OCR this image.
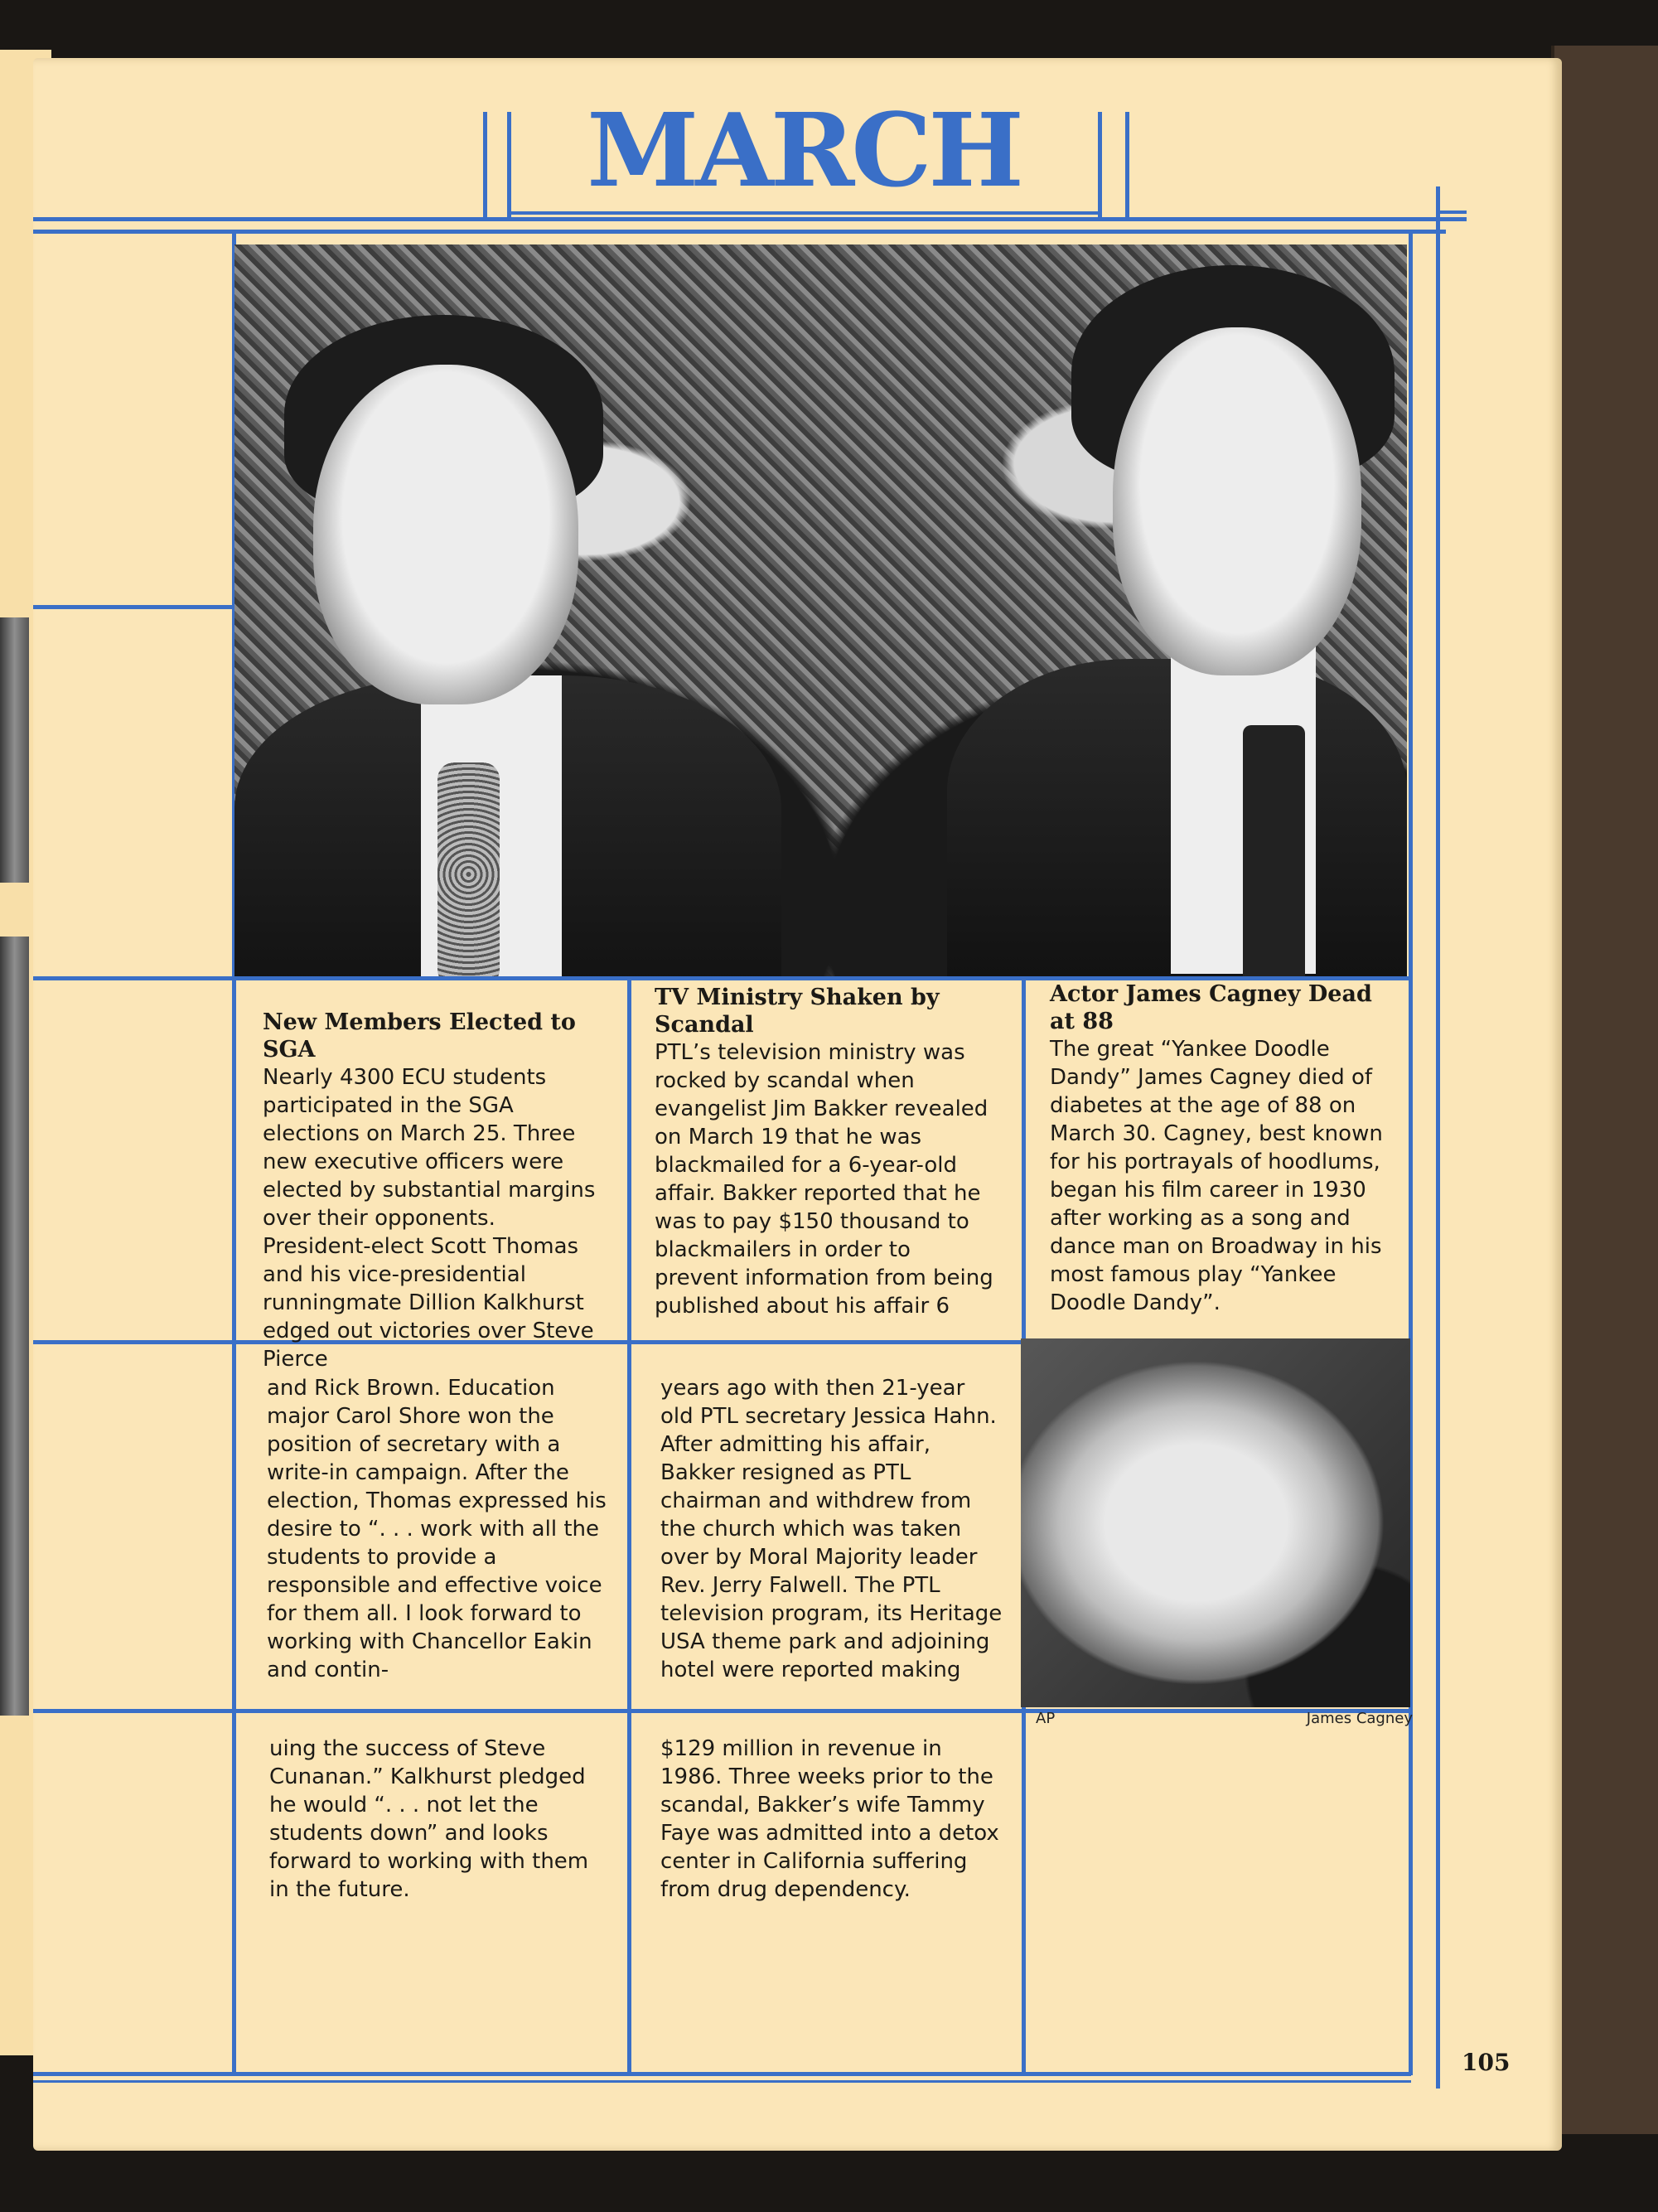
MARCH
New Members Elected to SGA
Nearly 4300 ECU students participated in the SGA elections on March 25. Three new executive officers were elected by substantial margins over their opponents. President-elect Scott Thomas and his vice-presidential runningmate Dillion Kalkhurst edged out victories over Steve Pierce
and Rick Brown. Education major Carol Shore won the position of secretary with a write-in campaign. After the election, Thomas expressed his desire to “. . . work with all the students to provide a responsible and effective voice for them all. I look forward to working with Chancellor Eakin and contin-
uing the success of Steve Cunanan.” Kalkhurst pledged he would “. . . not let the students down” and looks forward to working with them in the future.
TV Ministry Shaken by Scandal
PTL’s television ministry was rocked by scandal when evangelist Jim Bakker revealed on March 19 that he was blackmailed for a 6-year-old affair. Bakker reported that he was to pay $150 thousand to blackmailers in order to prevent information from being published about his affair 6
years ago with then 21-year old PTL secretary Jessica Hahn. After admitting his affair, Bakker resigned as PTL chairman and withdrew from the church which was taken over by Moral Majority leader Rev. Jerry Falwell. The PTL television program, its Heritage USA theme park and adjoining hotel were reported making
$129 million in revenue in 1986. Three weeks prior to the scandal, Bakker’s wife Tammy Faye was admitted into a detox center in California suffering from drug dependency.
Actor James Cagney Dead at 88
The great “Yankee Doodle Dandy” James Cagney died of diabetes at the age of 88 on March 30. Cagney, best known for his portrayals of hoodlums, began his film career in 1930 after working as a song and dance man on Broadway in his most famous play “Yankee Doodle Dandy”.
AP	James Cagney
105
